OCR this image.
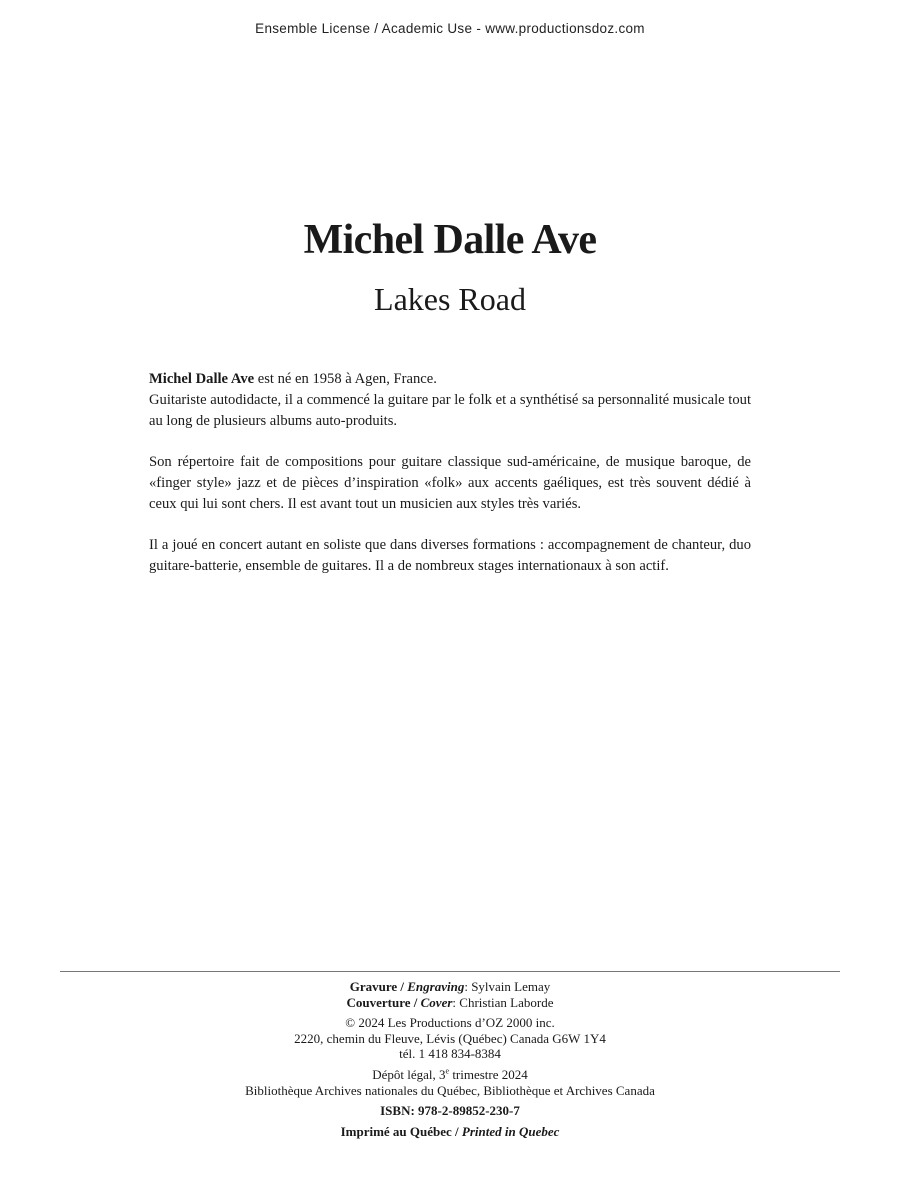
Ensemble License / Academic Use - www.productionsdoz.com
Michel Dalle Ave
Lakes Road

Michel Dalle Ave est né en 1958 à Agen, France.
Guitariste autodidacte, il a commencé la guitare par le folk et a synthétisé sa personnalité musicale tout au long de plusieurs albums auto-produits.

Son répertoire fait de compositions pour guitare classique sud-américaine, de musique baroque, de «finger style» jazz et de pièces d’inspiration «folk» aux accents gaéliques, est très souvent dédié à ceux qui lui sont chers. Il est avant tout un musicien aux styles très variés.

Il a joué en concert autant en soliste que dans diverses formations : accompagnement de chanteur, duo guitare-batterie, ensemble de guitares. Il a de nombreux stages internationaux à son actif.

Gravure / Engraving: Sylvain Lemay
Couverture / Cover: Christian Laborde
© 2024 Les Productions d’OZ 2000 inc.
2220, chemin du Fleuve, Lévis (Québec) Canada G6W 1Y4
tél. 1 418 834-8384
Dépôt légal, 3e trimestre 2024
Bibliothèque Archives nationales du Québec, Bibliothèque et Archives Canada
ISBN: 978-2-89852-230-7
Imprimé au Québec / Printed in Quebec
